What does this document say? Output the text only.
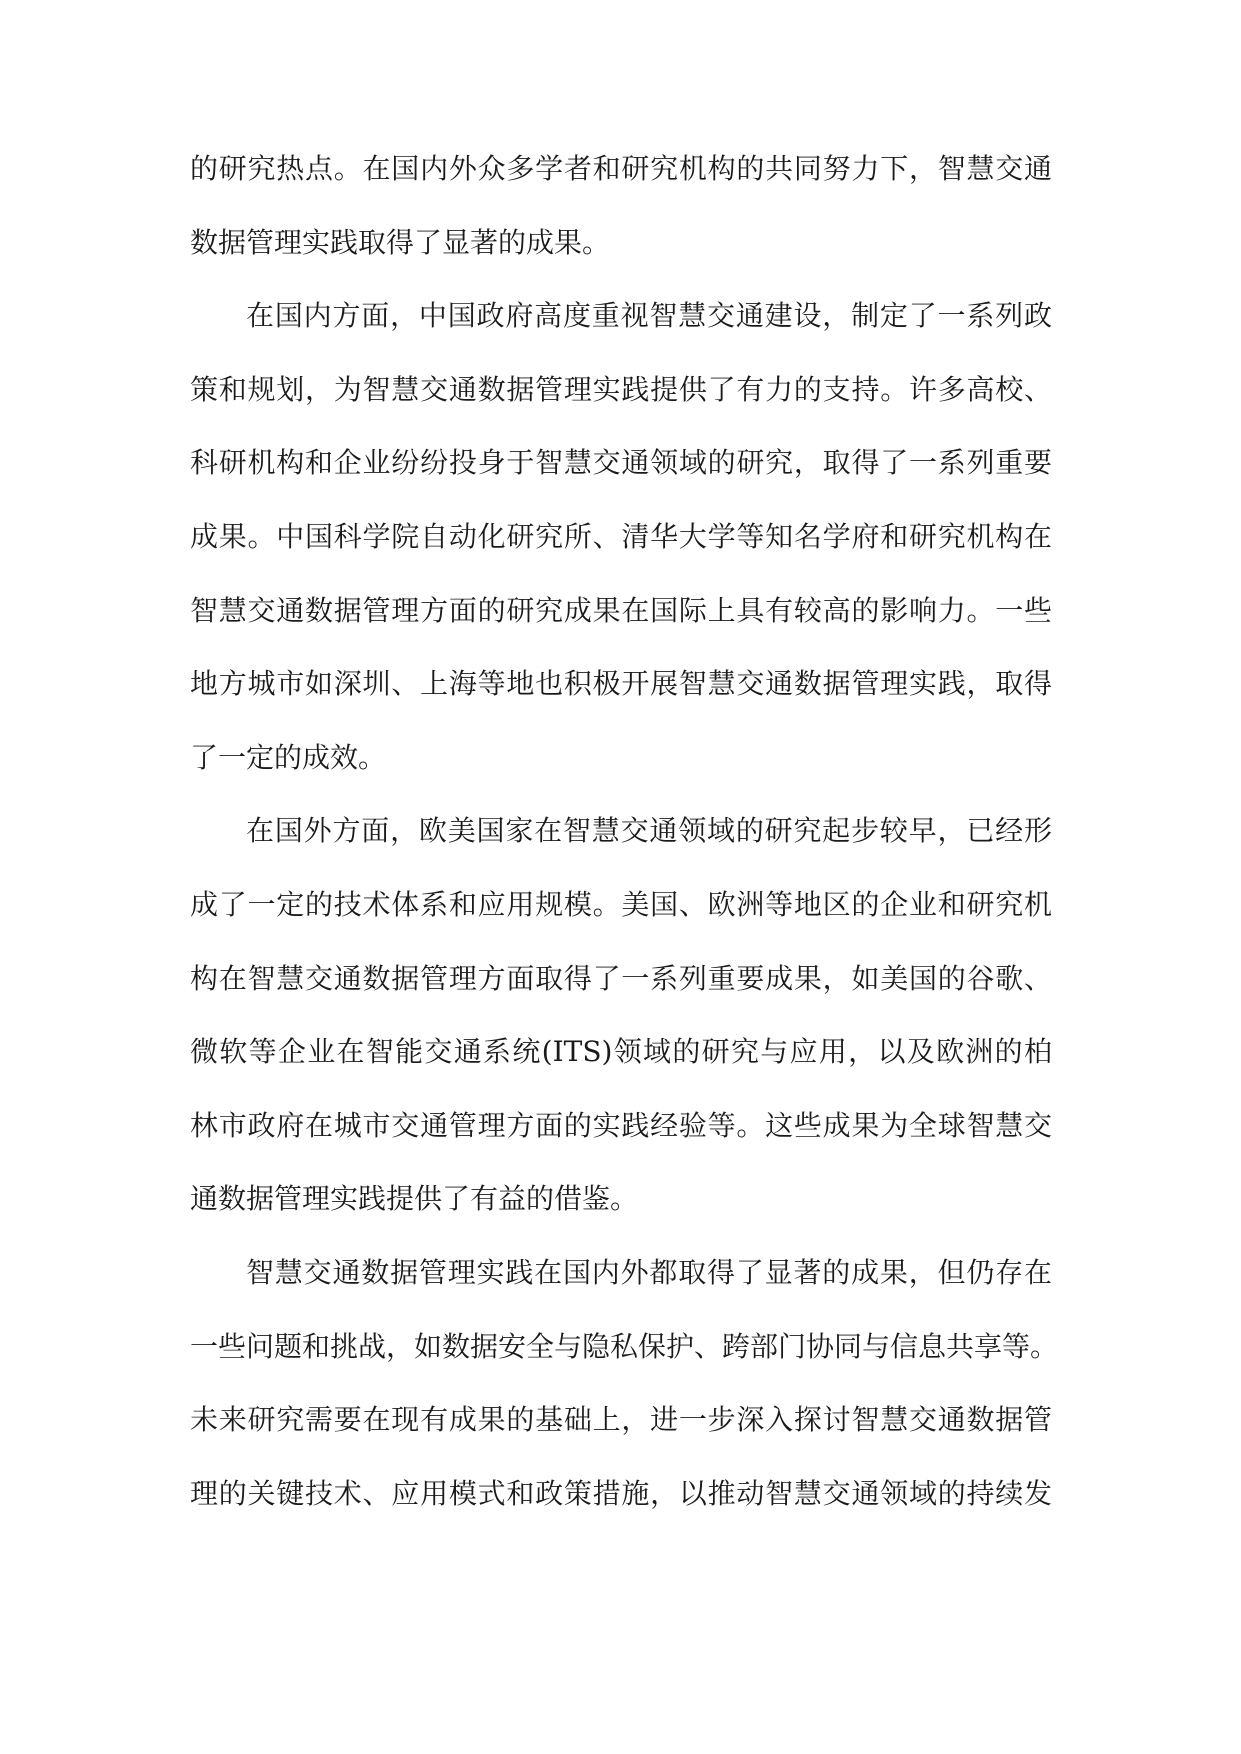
的研究热点。在国内外众多学者和研究机构的共同努力下，智慧交通
数据管理实践取得了显著的成果。
在国内方面，中国政府高度重视智慧交通建设，制定了一系列政
策和规划，为智慧交通数据管理实践提供了有力的支持。许多高校、
科研机构和企业纷纷投身于智慧交通领域的研究，取得了一系列重要
成果。中国科学院自动化研究所、清华大学等知名学府和研究机构在
智慧交通数据管理方面的研究成果在国际上具有较高的影响力。一些
地方城市如深圳、上海等地也积极开展智慧交通数据管理实践，取得
了一定的成效。
在国外方面，欧美国家在智慧交通领域的研究起步较早，已经形
成了一定的技术体系和应用规模。美国、欧洲等地区的企业和研究机
构在智慧交通数据管理方面取得了一系列重要成果，如美国的谷歌、
微软等企业在智能交通系统(ITS)领域的研究与应用，以及欧洲的柏
林市政府在城市交通管理方面的实践经验等。这些成果为全球智慧交
通数据管理实践提供了有益的借鉴。
智慧交通数据管理实践在国内外都取得了显著的成果，但仍存在
一些问题和挑战，如数据安全与隐私保护、跨部门协同与信息共享等。
未来研究需要在现有成果的基础上，进一步深入探讨智慧交通数据管
理的关键技术、应用模式和政策措施，以推动智慧交通领域的持续发
